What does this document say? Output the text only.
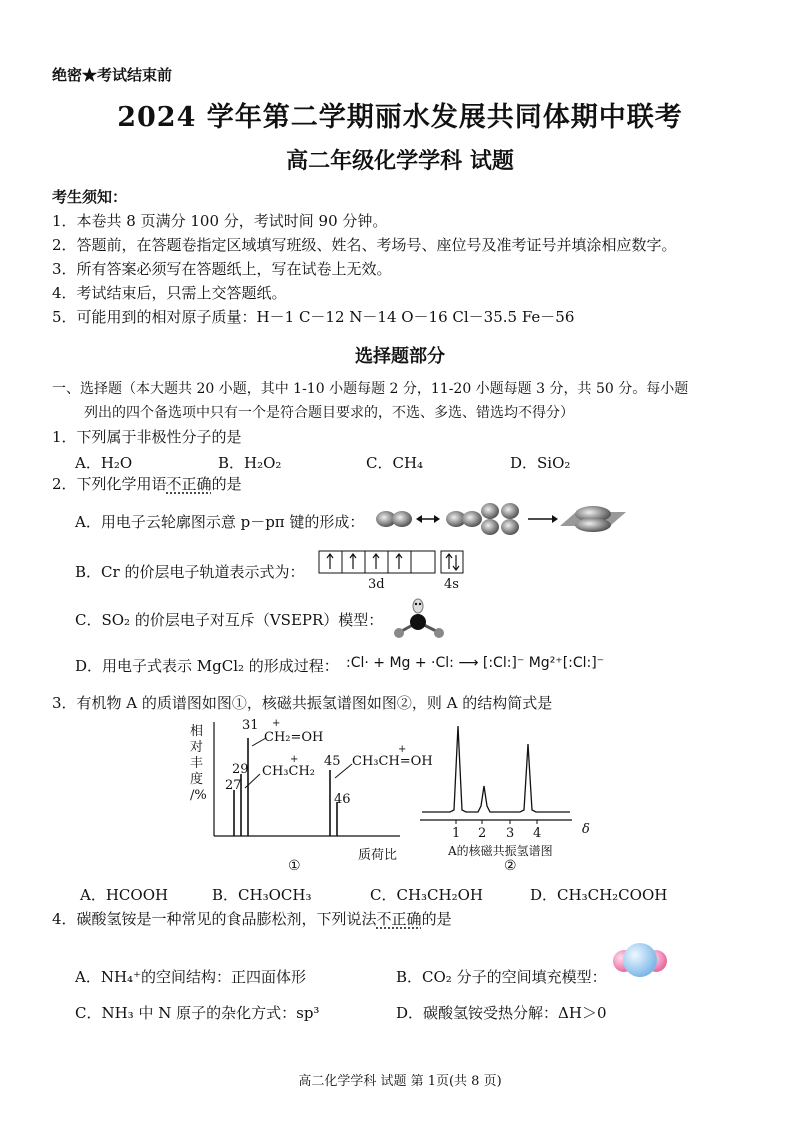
绝密★考试结束前
2024 学年第二学期丽水发展共同体期中联考
高二年级化学学科 试题
考生须知：
1．本卷共 8 页满分 100 分，考试时间 90 分钟。
2．答题前，在答题卷指定区域填写班级、姓名、考场号、座位号及准考证号并填涂相应数字。
3．所有答案必须写在答题纸上，写在试卷上无效。
4．考试结束后，只需上交答题纸。
5．可能用到的相对原子质量：H－1 C－12 N－14 O－16 Cl－35.5 Fe－56
选择题部分
一、选择题（本大题共 20 小题，其中 1-10 小题每题 2 分，11-20 小题每题 3 分，共 50 分。每小题
列出的四个备选项中只有一个是符合题目要求的，不选、多选、错选均不得分）
1．下列属于非极性分子的是
A．H₂O	B．H₂O₂	C．CH₄	D．SiO₂
2．下列化学用语不正确的是
A．用电子云轮廓图示意 p－pπ 键的形成：
B．Cr 的价层电子轨道表示式为：
3d	4s
C．SO₂ 的价层电子对互斥（VSEPR）模型：
D．用电子式表示 MgCl₂ 的形成过程： :Cl· + Mg + ·Cl: ⟶ [:Cl:]⁻ Mg²⁺[:Cl:]⁻
3．有机物 A 的质谱图如图①，核磁共振氢谱图如图②，则 A 的结构简式是
相
对
丰
度
/%
31
29
27
45
46
+
CH₂=OH
+
CH₃CH₂
+
CH₃CH=OH
质荷比
①
1 2 3 4	δ
A的核磁共振氢谱图
②
A．HCOOH	B．CH₃OCH₃	C．CH₃CH₂OH	D．CH₃CH₂COOH
4．碳酸氢铵是一种常见的食品膨松剂，下列说法不正确的是
A．NH₄⁺的空间结构：正四面体形	B．CO₂ 分子的空间填充模型：
C．NH₃ 中 N 原子的杂化方式：sp³	D．碳酸氢铵受热分解：ΔH＞0
高二化学学科 试题 第 1页(共 8 页)
